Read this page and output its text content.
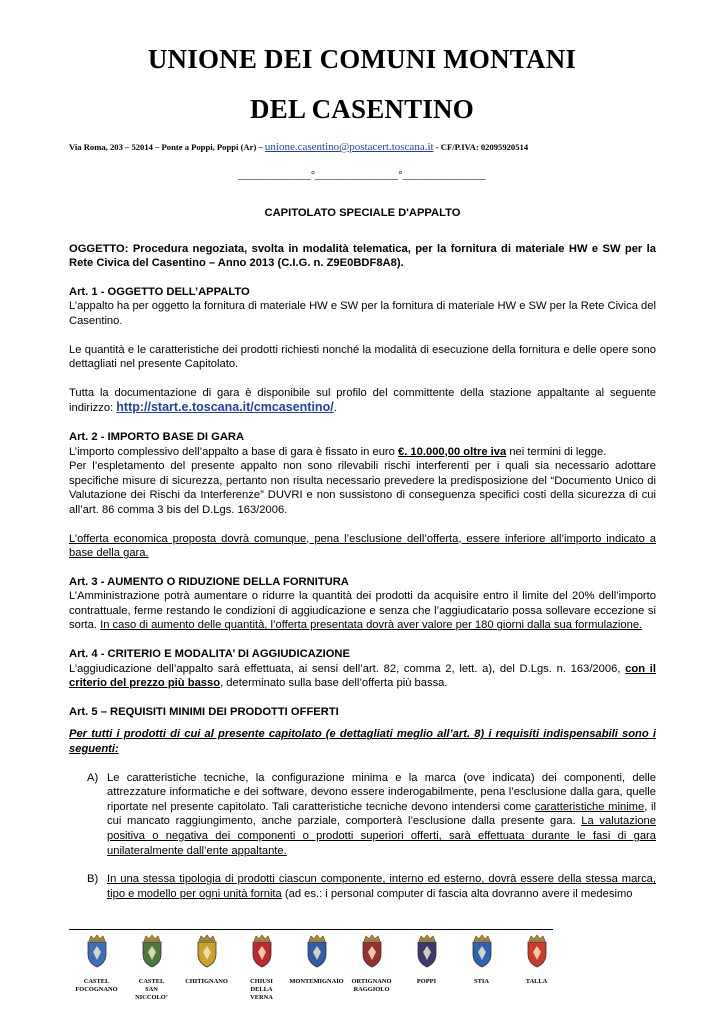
UNIONE DEI COMUNI MONTANI
DEL CASENTINO
Via Roma, 203 – 52014 – Ponte a Poppi, Poppi (Ar) – unione.casentino@postacert.toscana.it - CF/P.IVA: 02095920514
______________°________________°________________

CAPITOLATO SPECIALE D'APPALTO

OGGETTO: Procedura negoziata, svolta in modalità telematica, per la fornitura di materiale HW e SW per la Rete Civica del Casentino – Anno 2013 (C.I.G. n. Z9E0BDF8A8).

Art. 1 - OGGETTO DELL’APPALTO

L’appalto ha per oggetto la fornitura di materiale HW e SW per la fornitura di materiale HW e SW per la Rete Civica del Casentino.

Le quantità e le caratteristiche dei prodotti richiesti nonché la modalità di esecuzione della fornitura e delle opere sono dettagliati nel presente Capitolato.

Tutta la documentazione di gara è disponibile sul profilo del committente della stazione appaltante al seguente indirizzo: http://start.e.toscana.it/cmcasentino/.

Art. 2 - IMPORTO BASE DI GARA

L’importo complessivo dell’appalto a base di gara è fissato in euro €. 10.000,00 oltre iva nei termini di legge.

Per l’espletamento del presente appalto non sono rilevabili rischi interferenti per i quali sia necessario adottare specifiche misure di sicurezza, pertanto non risulta necessario prevedere la predisposizione del “Documento Unico di Valutazione dei Rischi da Interferenze” DUVRI e non sussistono di conseguenza specifici costi della sicurezza di cui all’art. 86 comma 3 bis del D.Lgs. 163/2006.

L’offerta economica proposta dovrà comunque, pena l’esclusione dell’offerta, essere inferiore all’importo indicato a base della gara.

Art. 3 - AUMENTO O RIDUZIONE DELLA FORNITURA

L’Amministrazione potrà aumentare o ridurre la quantità dei prodotti da acquisire entro il limite del 20% dell’importo contrattuale, ferme restando le condizioni di aggiudicazione e senza che l’aggiudicatario possa sollevare eccezione si sorta. In caso di aumento delle quantità, l’offerta presentata dovrà aver valore per 180 giorni dalla sua formulazione.

Art. 4 - CRITERIO E MODALITA’ DI AGGIUDICAZIONE

L’aggiudicazione dell’appalto sarà effettuata, ai sensi dell’art. 82, comma 2, lett. a), del D.Lgs. n. 163/2006, con il criterio del prezzo più basso, determinato sulla base dell’offerta più bassa.

Art. 5 – REQUISITI MINIMI DEI PRODOTTI OFFERTI

Per tutti i prodotti di cui al presente capitolato (e dettagliati meglio all’art. 8) i requisiti indispensabili sono i seguenti:

A) Le caratteristiche tecniche, la configurazione minima e la marca (ove indicata) dei componenti, delle attrezzature informatiche e dei software, devono essere inderogabilmente, pena l’esclusione dalla gara, quelle riportate nel presente capitolato. Tali caratteristiche tecniche devono intendersi come caratteristiche minime, il cui mancato raggiungimento, anche parziale, comporterà l’esclusione dalla presente gara. La valutazione positiva o negativa dei componenti o prodotti superiori offerti, sarà effettuata durante le fasi di gara unilateralmente dall’ente appaltante.

B) In una stessa tipologia di prodotti ciascun componente, interno ed esterno, dovrà essere della stessa marca, tipo e modello per ogni unità fornita (ad es.: i personal computer di fascia alta dovranno avere il medesimo

CASTEL
FOCOGNANO
CASTEL
SAN
NICCOLO’
CHITIGNANO	CHIUSI
DELLA
VERNA
MONTEMIGNAIO ORTIGNANO
RAGGIOLO
POPPI	STIA	TALLA
